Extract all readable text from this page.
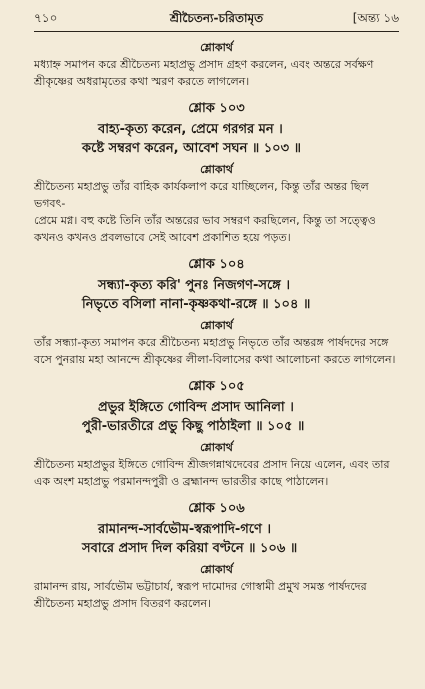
৭১০	শ্রীচৈতন্য-চরিতামৃত	[অন্ত্য ১৬

শ্লোকার্থ

মধ্যাহ্ন সমাপন করে শ্রীচৈতন্য মহাপ্রভু প্রসাদ গ্রহণ করলেন, এবং অন্তরে সর্বক্ষণ

শ্রীকৃষ্ণের অধরামৃতের কথা স্মরণ করতে লাগলেন।

শ্লোক ১০৩

বাহ্য-কৃত্য করেন, প্রেমে গরগর মন ।

কষ্টে সম্বরণ করেন, আবেশ সঘন ॥ ১০৩ ॥

শ্লোকার্থ

শ্রীচৈতন্য মহাপ্রভু তাঁর বাহিক কার্যকলাপ করে যাচ্ছিলেন, কিন্তু তাঁর অন্তর ছিল ভগবৎ-

প্রেমে মগ্ন। বহু কষ্টে তিনি তাঁর অন্তরের ভাব সম্বরণ করছিলেন, কিন্তু তা সত্ত্বেও

কখনও কখনও প্রবলভাবে সেই আবেশ প্রকাশিত হয়ে পড়ত।

শ্লোক ১০৪

সন্ধ্যা-কৃত্য করি' পুনঃ নিজগণ-সঙ্গে ।

নিভৃতে বসিলা নানা-কৃষ্ণকথা-রঙ্গে ॥ ১০৪ ॥

শ্লোকার্থ

তাঁর সন্ধ্যা-কৃত্য সমাপন করে শ্রীচৈতন্য মহাপ্রভু নিভৃতে তাঁর অন্তরঙ্গ পার্ষদদের সঙ্গে

বসে পুনরায় মহা আনন্দে শ্রীকৃষ্ণের লীলা-বিলাসের কথা আলোচনা করতে লাগলেন।

শ্লোক ১০৫

প্রভুর ইঙ্গিতে গোবিন্দ প্রসাদ আনিলা ।

পুরী-ভারতীরে প্রভু কিছু পাঠাইলা ॥ ১০৫ ॥

শ্লোকার্থ

শ্রীচৈতন্য মহাপ্রভুর ইঙ্গিতে গোবিন্দ শ্রীজগন্নাথদেবের প্রসাদ নিয়ে এলেন, এবং তার

এক অংশ মহাপ্রভু পরমানন্দপুরী ও ব্রহ্মানন্দ ভারতীর কাছে পাঠালেন।

শ্লোক ১০৬

রামানন্দ-সার্বভৌম-স্বরূপাদি-গণে ।

সবারে প্রসাদ দিল করিয়া বণ্টনে ॥ ১০৬ ॥

শ্লোকার্থ

রামানন্দ রায়, সার্বভৌম ভট্টাচার্য, স্বরূপ দামোদর গোস্বামী প্রমুখ সমস্ত পার্ষদদের

শ্রীচৈতন্য মহাপ্রভু প্রসাদ বিতরণ করলেন।
